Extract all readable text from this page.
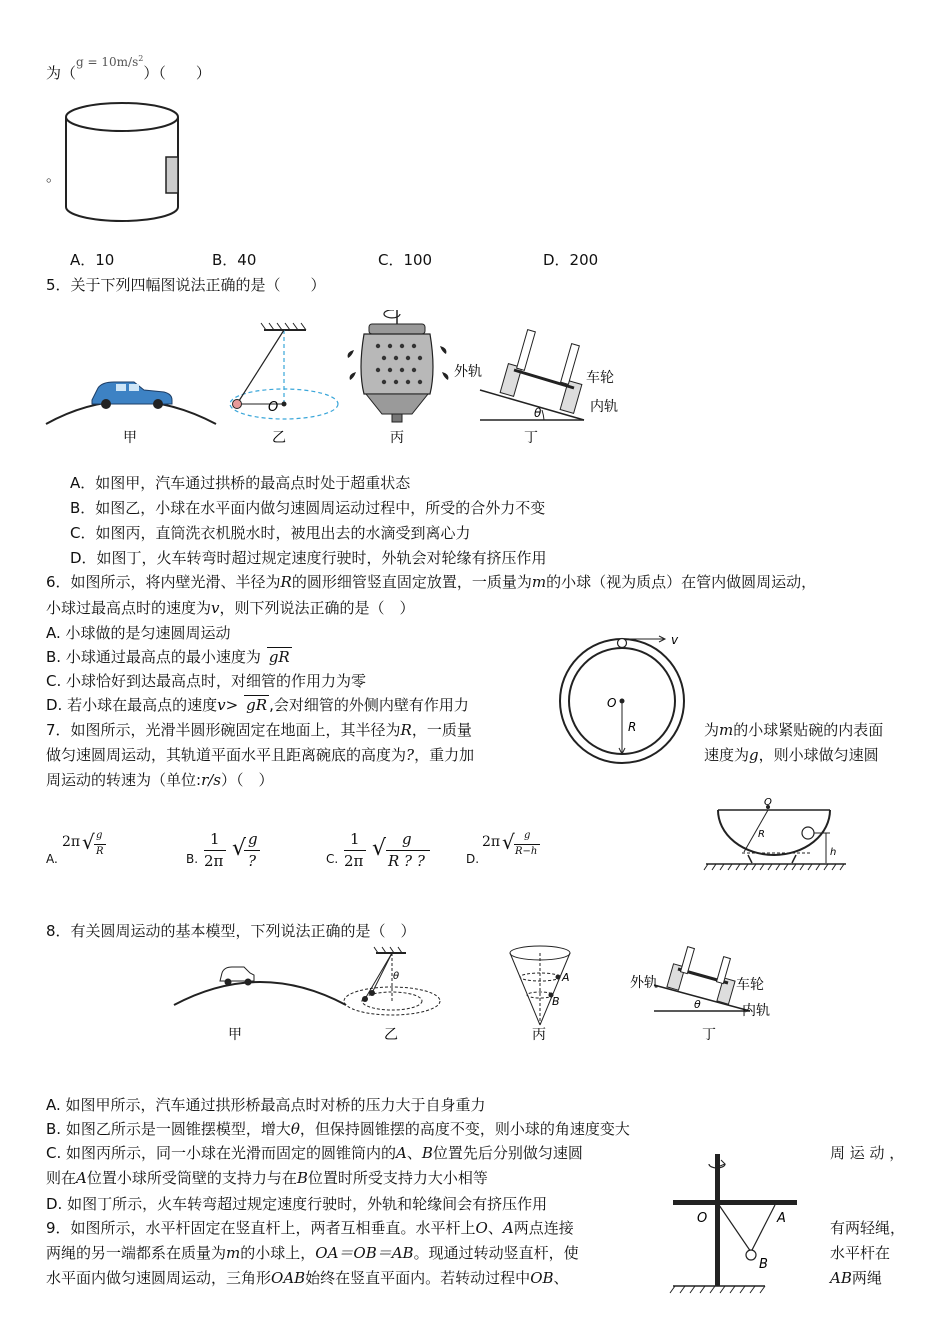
为（$^{g = 10m/s^2}$）（　　）
。
A．10	B．40	C．100	D．200
5．关于下列四幅图说法正确的是（　　）
甲
O
乙	丙
θ
外轨	车轮
内轨
丁
A．如图甲，汽车通过拱桥的最高点时处于超重状态
B．如图乙，小球在水平面内做匀速圆周运动过程中，所受的合外力不变
C．如图丙，直筒洗衣机脱水时，被甩出去的水滴受到离心力
D．如图丁，火车转弯时超过规定速度行驶时，外轨会对轮缘有挤压作用
6．如图所示，将内壁光滑、半径为R的圆形细管竖直固定放置，一质量为m的小球（视为质点）在管内做圆周运动，
小球过最高点时的速度为v，则下列说法正确的是（　）
A. 小球做的是匀速圆周运动
B. 小球通过最高点的最小速度为 gR
C. 小球恰好到达最高点时，对细管的作用力为零
D. 若小球在最高点的速度v> gR ,会对细管的外侧内壁有作用力
v
O
R
7．如图所示，光滑半圆形碗固定在地面上，其半径为R，一质量	为m的小球紧贴碗的内表面
做匀速圆周运动，其轨道平面水平且距离碗底的高度为?，重力加	速度为g，则小球做匀速圆
周运动的转速为（单位:r/s）（　）
A.
2π √ g
R
B.
1
2π √ g
?	C.
1
2π √ g
R ? ?	D.
2π √ g
R−h
O
R
h
8．有关圆周运动的基本模型，下列说法正确的是（　）
甲
θ
乙
A
B
丙
θ
外轨	车轮
内轨
丁
A. 如图甲所示，汽车通过拱形桥最高点时对桥的压力大于自身重力
B. 如图乙所示是一圆锥摆模型，增大θ，但保持圆锥摆的高度不变，则小球的角速度变大
C. 如图丙所示，同一小球在光滑而固定的圆锥筒内的A、B位置先后分别做匀速圆	周 运 动 ，
则在A位置小球所受筒壁的支持力与在B位置时所受支持力大小相等
D. 如图丁所示，火车转弯超过规定速度行驶时，外轨和轮缘间会有挤压作用
9．如图所示，水平杆固定在竖直杆上，两者互相垂直。水平杆上O、A两点连接	有两轻绳，
两绳的另一端都系在质量为m的小球上，OA＝OB＝AB。现通过转动竖直杆，使	水平杆在
水平面内做匀速圆周运动，三角形OAB始终在竖直平面内。若转动过程中OB、	AB两绳
O	A
B
